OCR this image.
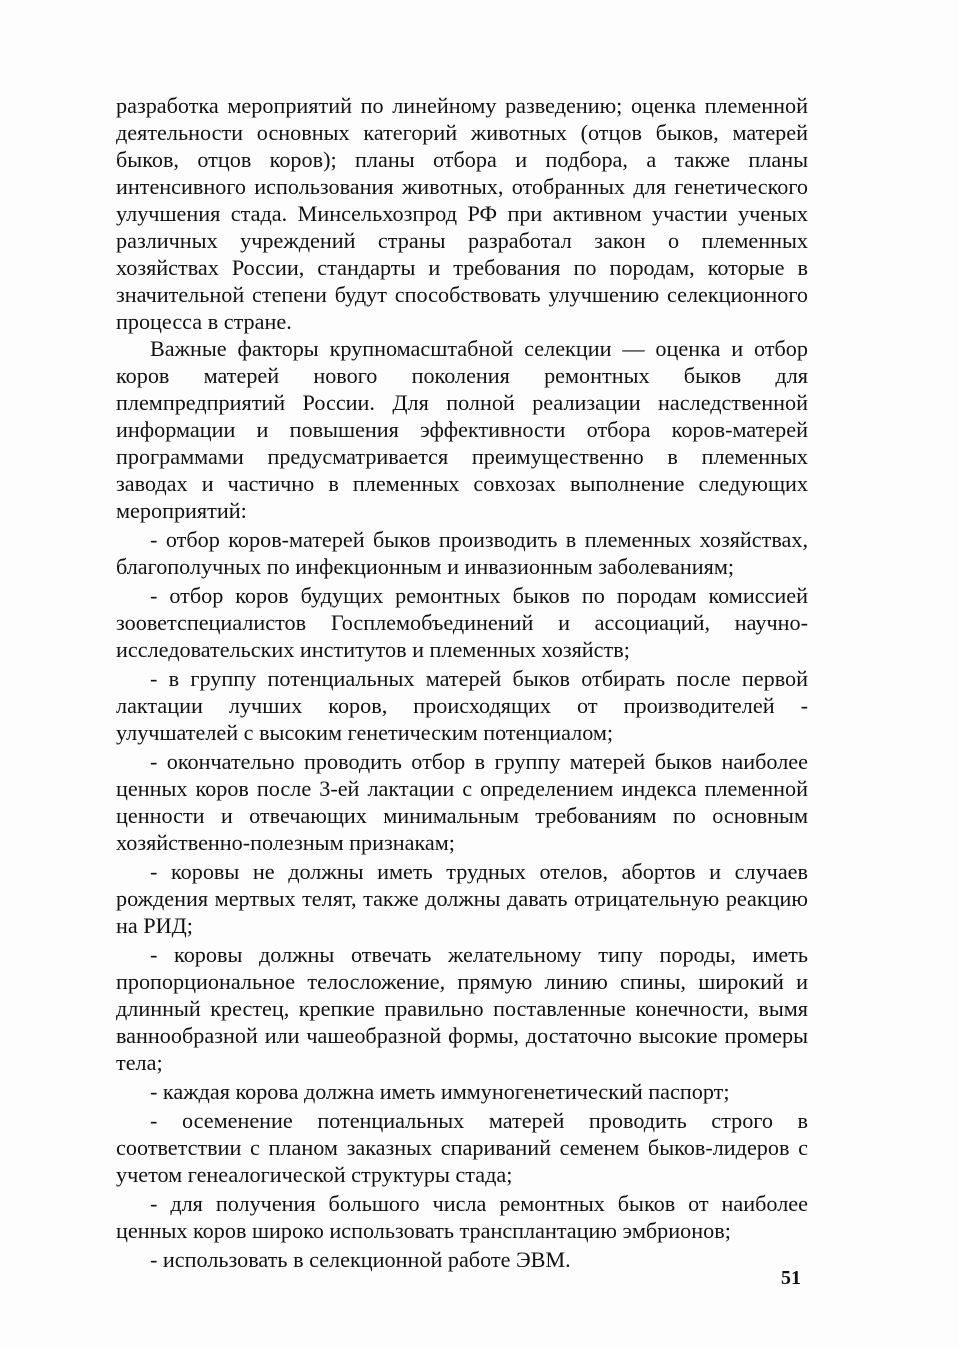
разработка мероприятий по линейному разведению; оценка племенной деятельности основных категорий животных (отцов быков, матерей быков, отцов коров); планы отбора и подбора, а также планы интенсивного использования животных, отобранных для генетического улучшения стада. Минсельхозпрод РФ при активном участии ученых различных учреждений страны разработал закон о племенных хозяйствах России, стандарты и требования по породам, которые в значительной степени будут способствовать улучшению селекционного процесса в стране.

Важные факторы крупномасштабной селекции — оценка и отбор коров матерей нового поколения ремонтных быков для племпредприятий России. Для полной реализации наследственной информации и повышения эффективности отбора коров-матерей программами предусматривается преимущественно в племенных заводах и частично в племенных совхозах выполнение следующих мероприятий:

- отбор коров-матерей быков производить в племенных хозяйствах, благополучных по инфекционным и инвазионным заболеваниям;

- отбор коров будущих ремонтных быков по породам комиссией зооветспециалистов Госплемобъединений и ассоциаций, научно-исследовательских институтов и племенных хозяйств;

- в группу потенциальных матерей быков отбирать после первой лактации лучших коров, происходящих от производителей - улучшателей с высоким генетическим потенциалом;

- окончательно проводить отбор в группу матерей быков наиболее ценных коров после 3-ей лактации с определением индекса племенной ценности и отвечающих минимальным требованиям по основным хозяйственно-полезным признакам;

- коровы не должны иметь трудных отелов, абортов и случаев рождения мертвых телят, также должны давать отрицательную реакцию на РИД;

- коровы должны отвечать желательному типу породы, иметь пропорциональное телосложение, прямую линию спины, широкий и длинный крестец, крепкие правильно поставленные конечности, вымя ваннообразной или чашеобразной формы, достаточно высокие промеры тела;

- каждая корова должна иметь иммуногенетический паспорт;

- осеменение потенциальных матерей проводить строго в соответствии с планом заказных спариваний семенем быков-лидеров с учетом генеалогической структуры стада;

- для получения большого числа ремонтных быков от наиболее ценных коров широко использовать трансплантацию эмбрионов;

- использовать в селекционной работе ЭВМ.

51
